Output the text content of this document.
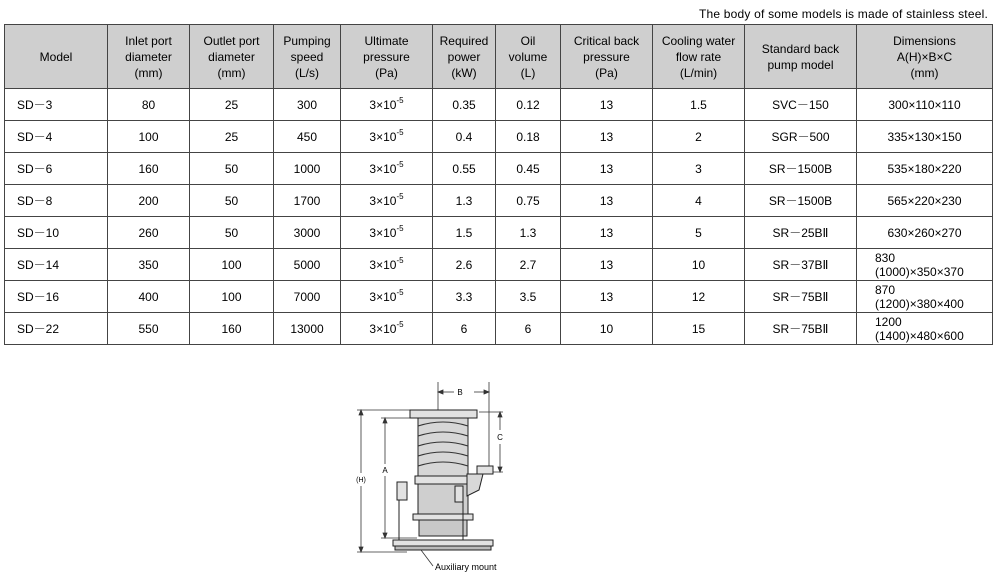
The body of some models is made of stainless steel.
Model	Inlet port
diameter
(mm)	Outlet port
diameter
(mm)	Pumping
speed
(L/s)	Ultimate
pressure
(Pa)	Required
power
(kW)	Oil
volume
(L)	Critical back
pressure
(Pa)	Cooling water
flow rate
(L/min)	Standard back
pump model	Dimensions
A(H)×B×C
(mm)
SD－3	80	25	300	$3\times 10^{-5}$	0.35	0.12	13	1.5	SVC－150	300×110×110
SD－4	100	25	450	$3\times 10^{-5}$	0.4	0.18	13	2	SGR－500	335×130×150
SD－6	160	50	1000	$3\times 10^{-5}$	0.55	0.45	13	3	SR－1500B	535×180×220
SD－8	200	50	1700	$3\times 10^{-5}$	1.3	0.75	13	4	SR－1500B	565×220×230
SD－10	260	50	3000	$3\times 10^{-5}$	1.5	1.3	13	5	SR－25BⅡ	630×260×270
SD－14	350	100	5000	$3\times 10^{-5}$	2.6	2.7	13	10	SR－37BⅡ	830
(1000)×350×370
SD－16	400	100	7000	$3\times 10^{-5}$	3.3	3.5	13	12	SR－75BⅡ	870
(1200)×380×400
SD－22	550	160	13000	$3\times 10^{-5}$	6	6	10	15	SR－75BⅡ	1200
(1400)×480×600
B
C
(H)
A
Auxiliary mount
